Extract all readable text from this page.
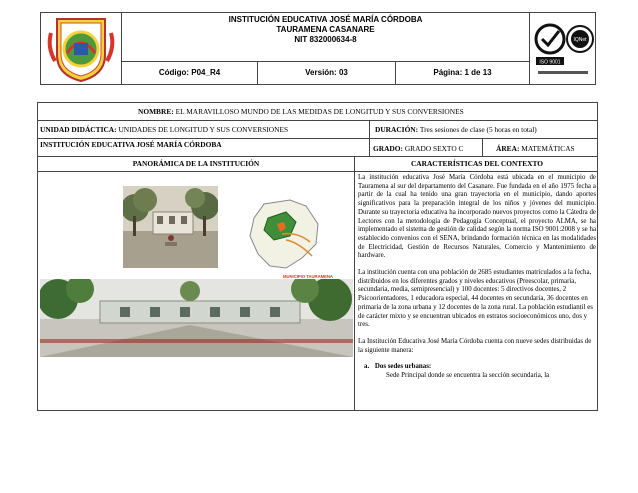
INSTITUCIÓN EDUCATIVA JOSÉ MARÍA CÓRDOBA
TAURAMENA CASANARE
NIT 832000634-8
Código: P04_R4	Versión: 03	Página: 1 de 13
ISO 9001
IQNet
NOMBRE: EL MARAVILLOSO MUNDO DE LAS MEDIDAS DE LONGITUD Y SUS CONVERSIONES
UNIDAD DIDÁCTICA: UNIDADES DE LONGITUD Y SUS CONVERSIONES	DURACIÓN: Tres sesiones de clase (5 horas en total)
INSTITUCIÓN EDUCATIVA JOSÉ MARÍA CÓRDOBA	GRADO: GRADO SEXTO C	ÁREA: MATEMÁTICAS
PANORÁMICA DE LA INSTITUCIÓN	CARACTERÍSTICAS DEL CONTEXTO
MUNICIPIO TAURAMENA

La institución educativa José María Córdoba está ubicada en el municipio de Tauramena al sur del departamento del Casanare. Fue fundada en el año 1975 fecha a partir de la cual ha tenido una gran trayectoria en el municipio, dando aportes significativos para la preparación integral de los niños y jóvenes del municipio. Durante su trayectoria educativa ha incorporado nuevos proyectos como la Cátedra de Lectores con la metodología de Pedagogía Conceptual, el proyecto ALMA, se ha implementado el sistema de gestión de calidad según la norma ISO 9001:2008 y se ha establecido convenios con el SENA, brindando formación técnica en las modalidades de Electricidad, Gestión de Recursos Naturales, Comercio y Mantenimiento de hardware.

La institución cuenta con una población de 2685 estudiantes matriculados a la fecha, distribuidos en los diferentes grados y niveles educativos (Preescolar, primaria, secundaria, media, semipresencial) y 100 docentes: 5 directivos docentes, 2 Psicoorientadores, 1 educadora especial, 44 docentes en secundaria, 36 docentes en primaria de la zona urbana y 12 docentes de la zona rural. La población estudiantil es de carácter mixto y se encuentran ubicados en estratos socioeconómicos uno, dos y tres.

La Institución Educativa José María Córdoba cuenta con nueve sedes distribuidas de la siguiente manera:

a. Dos sedes urbanas:
Sede Principal donde se encuentra la sección secundaria, la
